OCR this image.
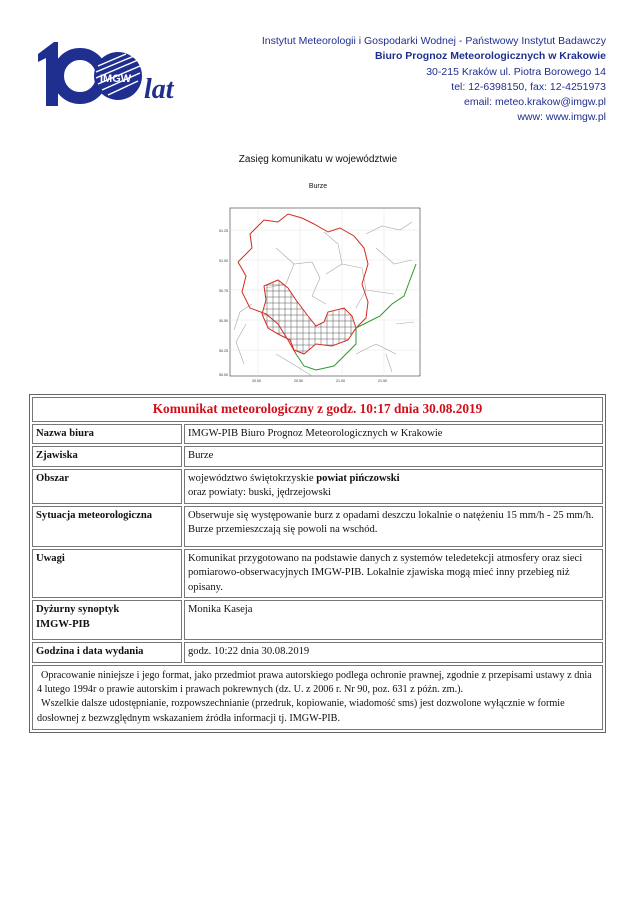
IMGW lat
Instytut Meteorologii i Gospodarki Wodnej - Państwowy Instytut Badawczy
Biuro Prognoz Meteorologicznych w Krakowie
30-215 Kraków ul. Piotra Borowego 14
tel: 12-6398150, fax: 12-4251973
email: meteo.krakow@imgw.pl
www: www.imgw.pl
Zasięg komunikatu w województwie
Burze
51.25
51.00
50.75
50.50
50.25
50.00
20.00	20.50	21.00	21.50
Komunikat meteorologiczny z godz. 10:17 dnia 30.08.2019	
Nazwa biura	IMGW-PIB Biuro Prognoz Meteorologicznych w Krakowie
Zjawiska	Burze
Obszar	województwo świętokrzyskie powiat pińczowski
oraz powiaty: buski, jędrzejowski
Sytuacja meteorologiczna	Obserwuje się występowanie burz z opadami deszczu lokalnie o natężeniu 15 mm/h - 25 mm/h. Burze przemieszczają się powoli na wschód.
Uwagi	Komunikat przygotowano na podstawie danych z systemów teledetekcji atmosfery oraz sieci pomiarowo-obserwacyjnych IMGW-PIB. Lokalnie zjawiska mogą mieć inny przebieg niż opisany.
Dyżurny synoptyk
IMGW-PIB	Monika Kaseja
Godzina i data wydania	godz. 10:22 dnia 30.08.2019
Opracowanie niniejsze i jego format, jako przedmiot prawa autorskiego podlega ochronie prawnej, zgodnie z przepisami ustawy z dnia 4 lutego 1994r o prawie autorskim i prawach pokrewnych (dz. U. z 2006 r. Nr 90, poz. 631 z późn. zm.).
Wszelkie dalsze udostępnianie, rozpowszechnianie (przedruk, kopiowanie, wiadomość sms) jest dozwolone wyłącznie w formie dosłownej z bezwzględnym wskazaniem źródła informacji tj. IMGW-PIB.	
